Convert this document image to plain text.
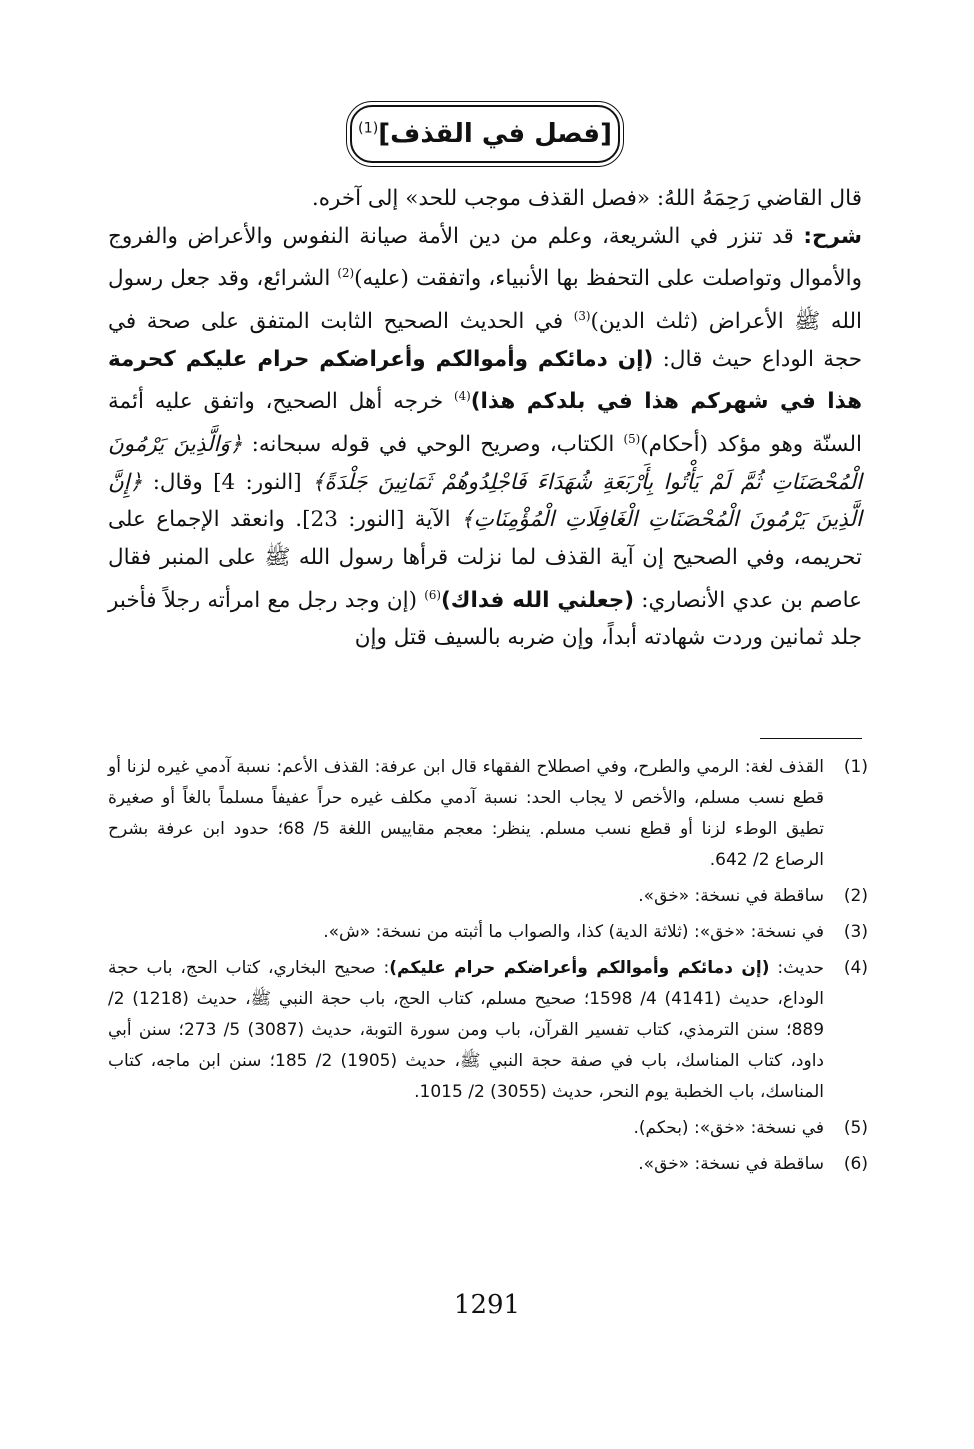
[فصل في القذف]$^{(1)}$

قال القاضي رَحِمَهُ اللهُ: «فصل القذف موجب للحد» إلى آخره.

شرح: قد تنزر في الشريعة، وعلم من دين الأمة صيانة النفوس والأعراض والفروج والأموال وتواصلت على التحفظ بها الأنبياء، واتفقت (عليه)$^{(2)}$ الشرائع، وقد جعل رسول الله ﷺ الأعراض (ثلث الدين)$^{(3)}$ في الحديث الصحيح الثابت المتفق على صحة في حجة الوداع حيث قال: (إن دمائكم وأموالكم وأعراضكم حرام عليكم كحرمة هذا في شهركم هذا في بلدكم هذا)$^{(4)}$ خرجه أهل الصحيح، واتفق عليه أئمة السنّة وهو مؤكد (أحكام)$^{(5)}$ الكتاب، وصريح الوحي في قوله سبحانه: ﴿وَالَّذِينَ يَرْمُونَ الْمُحْصَنَاتِ ثُمَّ لَمْ يَأْتُوا بِأَرْبَعَةِ شُهَدَاءَ فَاجْلِدُوهُمْ ثَمَانِينَ جَلْدَةً﴾ [النور: 4] وقال: ﴿إِنَّ الَّذِينَ يَرْمُونَ الْمُحْصَنَاتِ الْغَافِلَاتِ الْمُؤْمِنَاتِ﴾ الآية [النور: 23]. وانعقد الإجماع على تحريمه، وفي الصحيح إن آية القذف لما نزلت قرأها رسول الله ﷺ على المنبر فقال عاصم بن عدي الأنصاري: (جعلني الله فداك)$^{(6)}$ (إن وجد رجل مع امرأته رجلاً فأخبر جلد ثمانين وردت شهادته أبداً، وإن ضربه بالسيف قتل وإن

(1)
القذف لغة: الرمي والطرح، وفي اصطلاح الفقهاء قال ابن عرفة: القذف الأعم: نسبة آدمي غيره لزنا أو قطع نسب مسلم، والأخص لا يجاب الحد: نسبة آدمي مكلف غيره حراً عفيفاً مسلماً بالغاً أو صغيرة تطيق الوطء لزنا أو قطع نسب مسلم. ينظر: معجم مقاييس اللغة 5/ 68؛ حدود ابن عرفة بشرح الرصاع 2/ 642.
(2)
ساقطة في نسخة: «خق».
(3)
في نسخة: «خق»: (ثلاثة الدية) كذا، والصواب ما أثبته من نسخة: «ش».
(4)
حديث: (إن دمائكم وأموالكم وأعراضكم حرام عليكم): صحيح البخاري، كتاب الحج، باب حجة الوداع، حديث (4141) 4/ 1598؛ صحيح مسلم، كتاب الحج، باب حجة النبي ﷺ، حديث (1218) 2/ 889؛ سنن الترمذي، كتاب تفسير القرآن، باب ومن سورة التوبة، حديث (3087) 5/ 273؛ سنن أبي داود، كتاب المناسك، باب في صفة حجة النبي ﷺ، حديث (1905) 2/ 185؛ سنن ابن ماجه، كتاب المناسك، باب الخطبة يوم النحر، حديث (3055) 2/ 1015.
(5)
في نسخة: «خق»: (بحكم).
(6)
ساقطة في نسخة: «خق».
1291
